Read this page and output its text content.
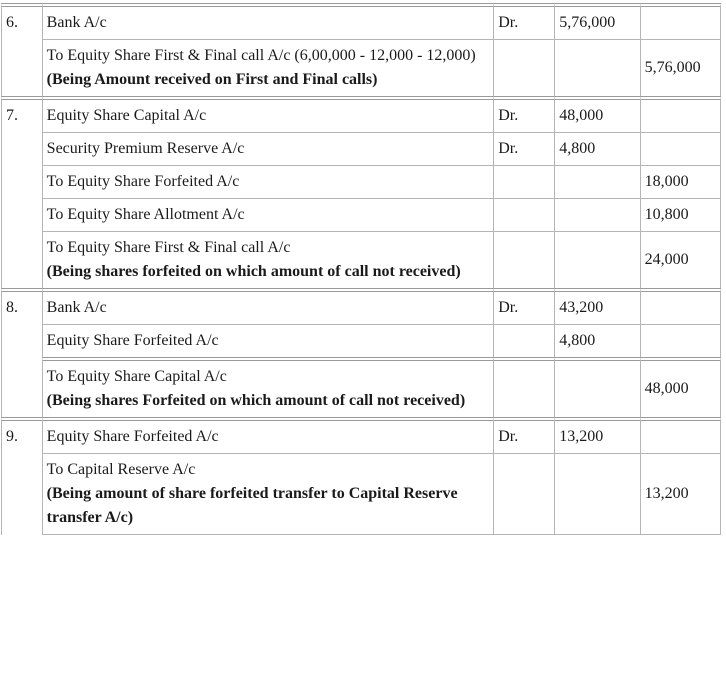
6.	Bank A/c	Dr.	5,76,000	

	To Equity Share First & Final call A/c (6,00,000 - 12,000 - 12,000)
(Being Amount received on First and Final calls)			5,76,000
7.	Equity Share Capital A/c	Dr.	48,000	
	Security Premium Reserve A/c	Dr.	4,800	
	To Equity Share Forfeited A/c			18,000
	To Equity Share Allotment A/c			10,800

	To Equity Share First & Final call A/c
(Being shares forfeited on which amount of call not received)			24,000
8.	Bank A/c	Dr.	43,200	
	Equity Share Forfeited A/c		4,800	

	To Equity Share Capital A/c
(Being shares Forfeited on which amount of call not received)			48,000
9.	Equity Share Forfeited A/c	Dr.	13,200	

	To Capital Reserve A/c
(Being amount of share forfeited transfer to Capital Reserve transfer A/c)			13,200
